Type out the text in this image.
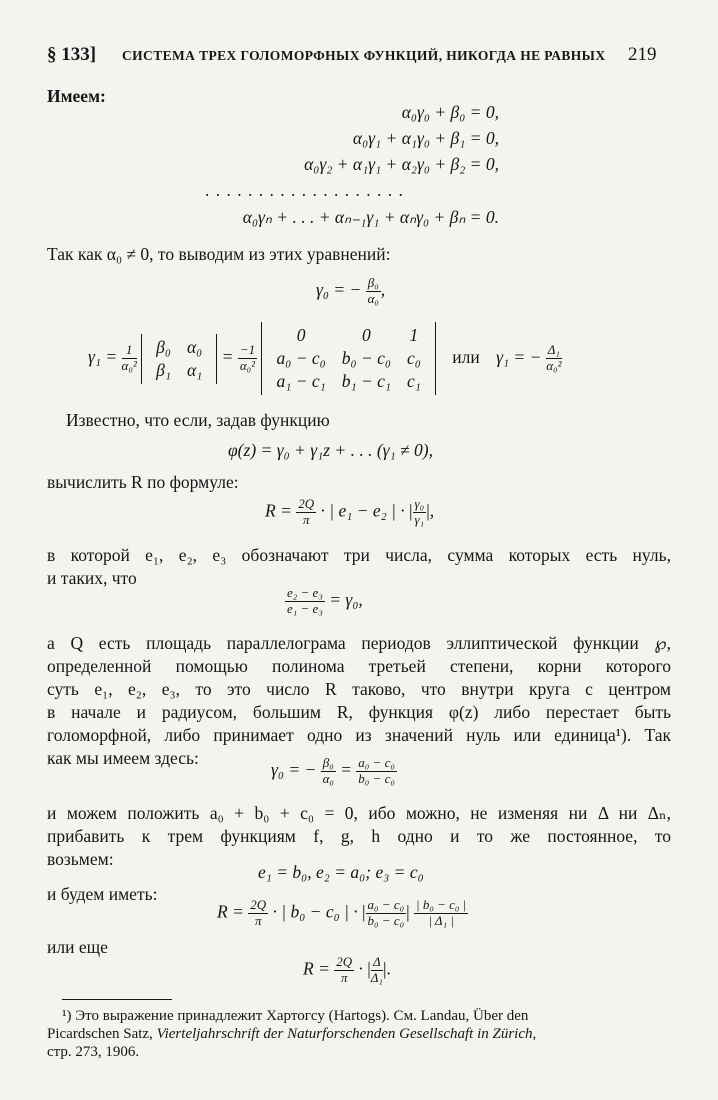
§ 133] СИСТЕМА ТРЕХ ГОЛОМОРФНЫХ ФУНКЦИЙ, НИКОГДА НЕ РАВНЫХ 219
Имеем:
α₀γ₀ + β₀ = 0,
α₀γ₁ + α₁γ₀ + β₁ = 0,
α₀γ₂ + α₁γ₁ + α₂γ₀ + β₂ = 0,
. . . . . . . . . . . . . . . . . . .
α₀γₙ + . . . + αₙ₋₁γ₁ + αₙγ₀ + βₙ = 0.
Так как α₀ ≠ 0, то выводим из этих уравнений:
γ₀ = − $\frac{\text{β₀}}{\text{α₀}}$ ,
$\gamma_1 = \frac{1}{\text{α₀²}}$
β₀	α₀
β₁	α₁
= $\frac{-1}{\text{α₀²}}$

0	0	1
a₀ − c₀	b₀ − c₀	c₀
a₁ − c₁	b₁ − c₁	c₁
или γ₁ = − $\frac{\text{Δ₁}}{\text{α₀²}}$
Известно, что если, задав функцию
φ(z) = γ₀ + γ₁z + . . . (γ₁ ≠ 0),
вычислить R по формуле:
$R = \frac{2Q}{\pi}$ · | e₁ − e₂ | · | $\frac{\text{γ₀}}{\text{γ₁}}$ |,
в которой e₁, e₂, e₃ обозначают три числа, сумма которых есть нуль,
и таких, что
$\frac{\text{e₂ − e₃}}{\text{e₁ − e₃}} = \gamma_0$,
а Q есть площадь параллелограма периодов эллиптической функции ℘,
определенной помощью полинома третьей степени, корни которого
суть e₁, e₂, e₃, то это число R таково, что внутри круга с центром
в начале и радиусом, большим R, функция φ(z) либо перестает быть
голоморфной, либо принимает одно из значений нуль или единица¹). Так
как мы имеем здесь:
γ₀ = − $\frac{\text{β₀}}{\text{α₀}} = \frac{\text{a₀ − c₀}}{\text{b₀ − c₀}}$
и можем положить a₀ + b₀ + c₀ = 0, ибо можно, не изменяя ни Δ ни Δₙ,
прибавить к трем функциям f, g, h одно и то же постоянное, то
возьмем:
e₁ = b₀, e₂ = a₀; e₃ = c₀
и будем иметь:
$R = \frac{2Q}{\pi}$ · | b₀ − c₀ | · | $\frac{\text{a₀ − c₀}}{\text{b₀ − c₀}}$ | $\frac{\text{| b₀ − c₀ |}}{\text{| Δ₁ |}}$
или еще
$R = \frac{2Q}{\pi}$ · | $\frac{\Delta}{\text{Δ₁}}$ |.
¹) Это выражение принадлежит Хартогсу (Hartogs). См. Landau, Über den
Picardschen Satz, Vierteljahrschrift der Naturforschenden Gesellschaft in Zürich,
стр. 273, 1906.
